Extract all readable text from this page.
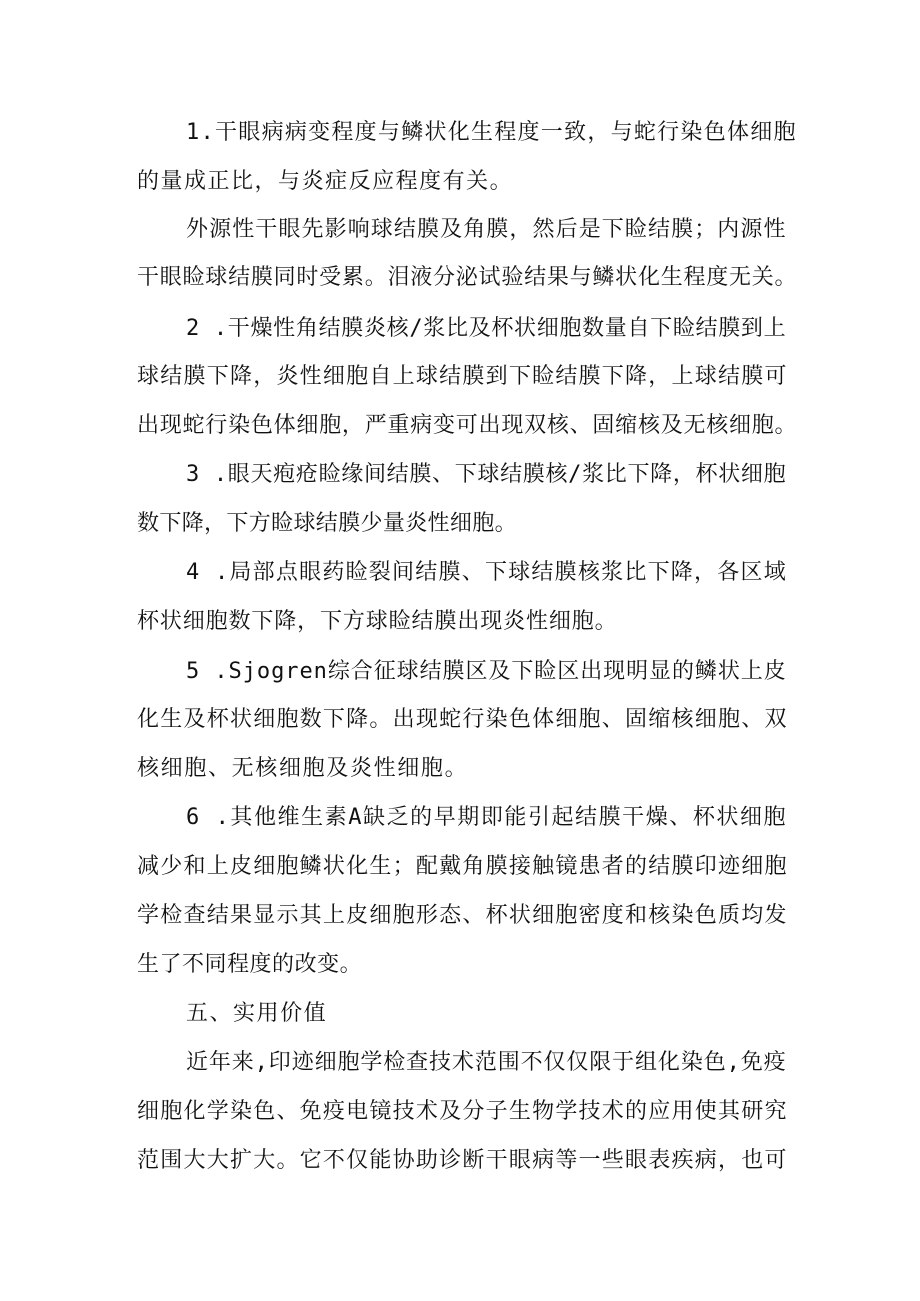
1.干眼病病变程度与鳞状化生程度一致，与蛇行染色体细胞
的量成正比，与炎症反应程度有关。
外源性干眼先影响球结膜及角膜，然后是下睑结膜；内源性
干眼睑球结膜同时受累。泪液分泌试验结果与鳞状化生程度无关。
2 .干燥性角结膜炎核/浆比及杯状细胞数量自下睑结膜到上
球结膜下降，炎性细胞自上球结膜到下睑结膜下降，上球结膜可
出现蛇行染色体细胞，严重病变可出现双核、固缩核及无核细胞。
3 .眼天疱疮睑缘间结膜、下球结膜核/浆比下降，杯状细胞
数下降，下方睑球结膜少量炎性细胞。
4 .局部点眼药睑裂间结膜、下球结膜核浆比下降，各区域
杯状细胞数下降，下方球睑结膜出现炎性细胞。
5 .Sjogren综合征球结膜区及下睑区出现明显的鳞状上皮
化生及杯状细胞数下降。出现蛇行染色体细胞、固缩核细胞、双
核细胞、无核细胞及炎性细胞。
6 .其他维生素A缺乏的早期即能引起结膜干燥、杯状细胞
减少和上皮细胞鳞状化生；配戴角膜接触镜患者的结膜印迹细胞
学检查结果显示其上皮细胞形态、杯状细胞密度和核染色质均发
生了不同程度的改变。
五、实用价值
近年来,印迹细胞学检查技术范围不仅仅限于组化染色,免疫
细胞化学染色、免疫电镜技术及分子生物学技术的应用使其研究
范围大大扩大。它不仅能协助诊断干眼病等一些眼表疾病，也可
